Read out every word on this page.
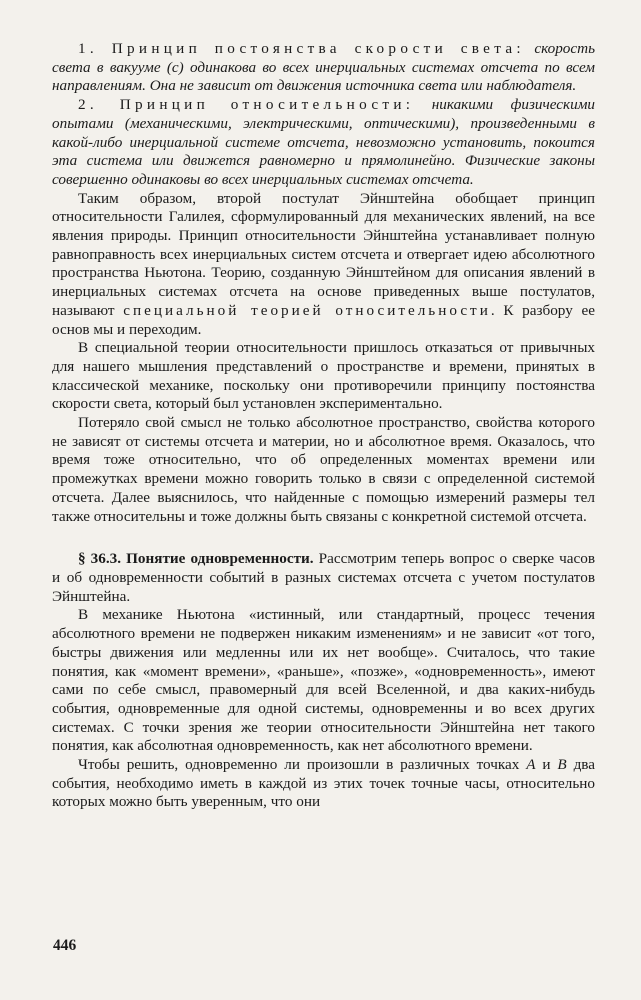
1. Принцип постоянства скорости света: скорость света в вакууме (с) одинакова во всех инерциальных системах отсчета по всем направлениям. Она не зависит от движения источника света или наблюдателя.

2. Принцип относительности: никакими физическими опытами (механическими, электрическими, оптическими), произведенными в какой-либо инерциальной системе отсчета, невозможно установить, покоится эта система или движется равномерно и прямолинейно. Физические законы совершенно одинаковы во всех инерциальных системах отсчета.

Таким образом, второй постулат Эйнштейна обобщает принцип относительности Галилея, сформулированный для механических явлений, на все явления природы. Принцип относительности Эйнштейна устанавливает полную равноправность всех инерциальных систем отсчета и отвергает идею абсолютного пространства Ньютона. Теорию, созданную Эйнштейном для описания явлений в инерциальных системах отсчета на основе приведенных выше постулатов, называют специальной теорией относительности. К разбору ее основ мы и переходим.

В специальной теории относительности пришлось отказаться от привычных для нашего мышления представлений о пространстве и времени, принятых в классической механике, поскольку они противоречили принципу постоянства скорости света, который был установлен экспериментально.

Потеряло свой смысл не только абсолютное пространство, свойства которого не зависят от системы отсчета и материи, но и абсолютное время. Оказалось, что время тоже относительно, что об определенных моментах времени или промежутках времени можно говорить только в связи с определенной системой отсчета. Далее выяснилось, что найденные с помощью измерений размеры тел также относительны и тоже должны быть связаны с конкретной системой отсчета.

§ 36.3. Понятие одновременности. Рассмотрим теперь вопрос о сверке часов и об одновременности событий в разных системах отсчета с учетом постулатов Эйнштейна.

В механике Ньютона «истинный, или стандартный, процесс течения абсолютного времени не подвержен никаким изменениям» и не зависит «от того, быстры движения или медленны или их нет вообще». Считалось, что такие понятия, как «момент времени», «раньше», «позже», «одновременность», имеют сами по себе смысл, правомерный для всей Вселенной, и два каких-нибудь события, одновременные для одной системы, одновременны и во всех других системах. С точки зрения же теории относительности Эйнштейна нет такого понятия, как абсолютная одновременность, как нет абсолютного времени.

Чтобы решить, одновременно ли произошли в различных точках A и B два события, необходимо иметь в каждой из этих точек точные часы, относительно которых можно быть уверенным, что они

446
